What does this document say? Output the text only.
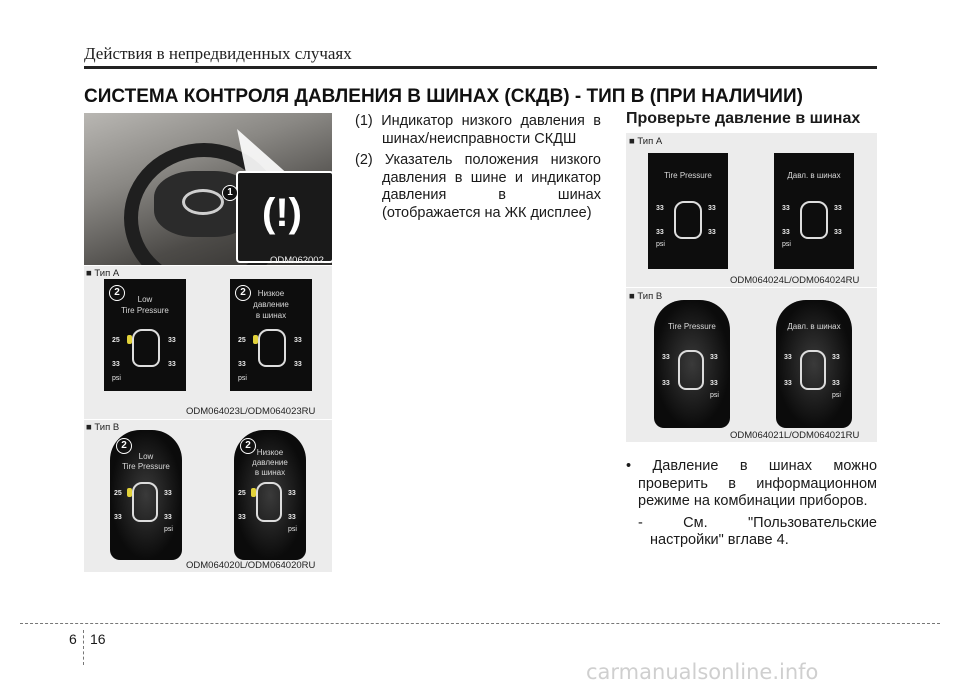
Действия в непредвиденных случаях
СИСТЕМА КОНТРОЛЯ ДАВЛЕНИЯ В ШИНАХ (СКДВ) - ТИП B (ПРИ НАЛИЧИИ)
(!)
1
ODM062002
■ Тип A
2
Low
Tire Pressure
25	33
33	33
psi
2	Низкое
давление
в шинах
25	33
33	33
psi
ODM064023L/ODM064023RU
■ Тип B
2
Low
Tire Pressure
25	33
33	33
psi
2
Низкое
давление
в шинах
25	33
33	33
psi
ODM064020L/ODM064020RU
(1) Индикатор низкого давления в шинах/неисправности СКДШ
(2) Указатель положения низкого давления в шине и индикатор давления в шинах (отображается на ЖК дисплее)
Проверьте давление в шинах
■ Тип A
Tire Pressure
33	33
33	33
psi
Давл. в шинах
33	33
33	33
psi
ODM064024L/ODM064024RU
■ Тип B
Tire Pressure
33	33
33	33
psi
Давл. в шинах
33	33
33	33
psi
ODM064021L/ODM064021RU
• Давление в шинах можно проверить в информационном режиме на комбинации приборов.
- См. "Пользовательские настройки" вглаве 4.
6 16
carmanualsonline.info
